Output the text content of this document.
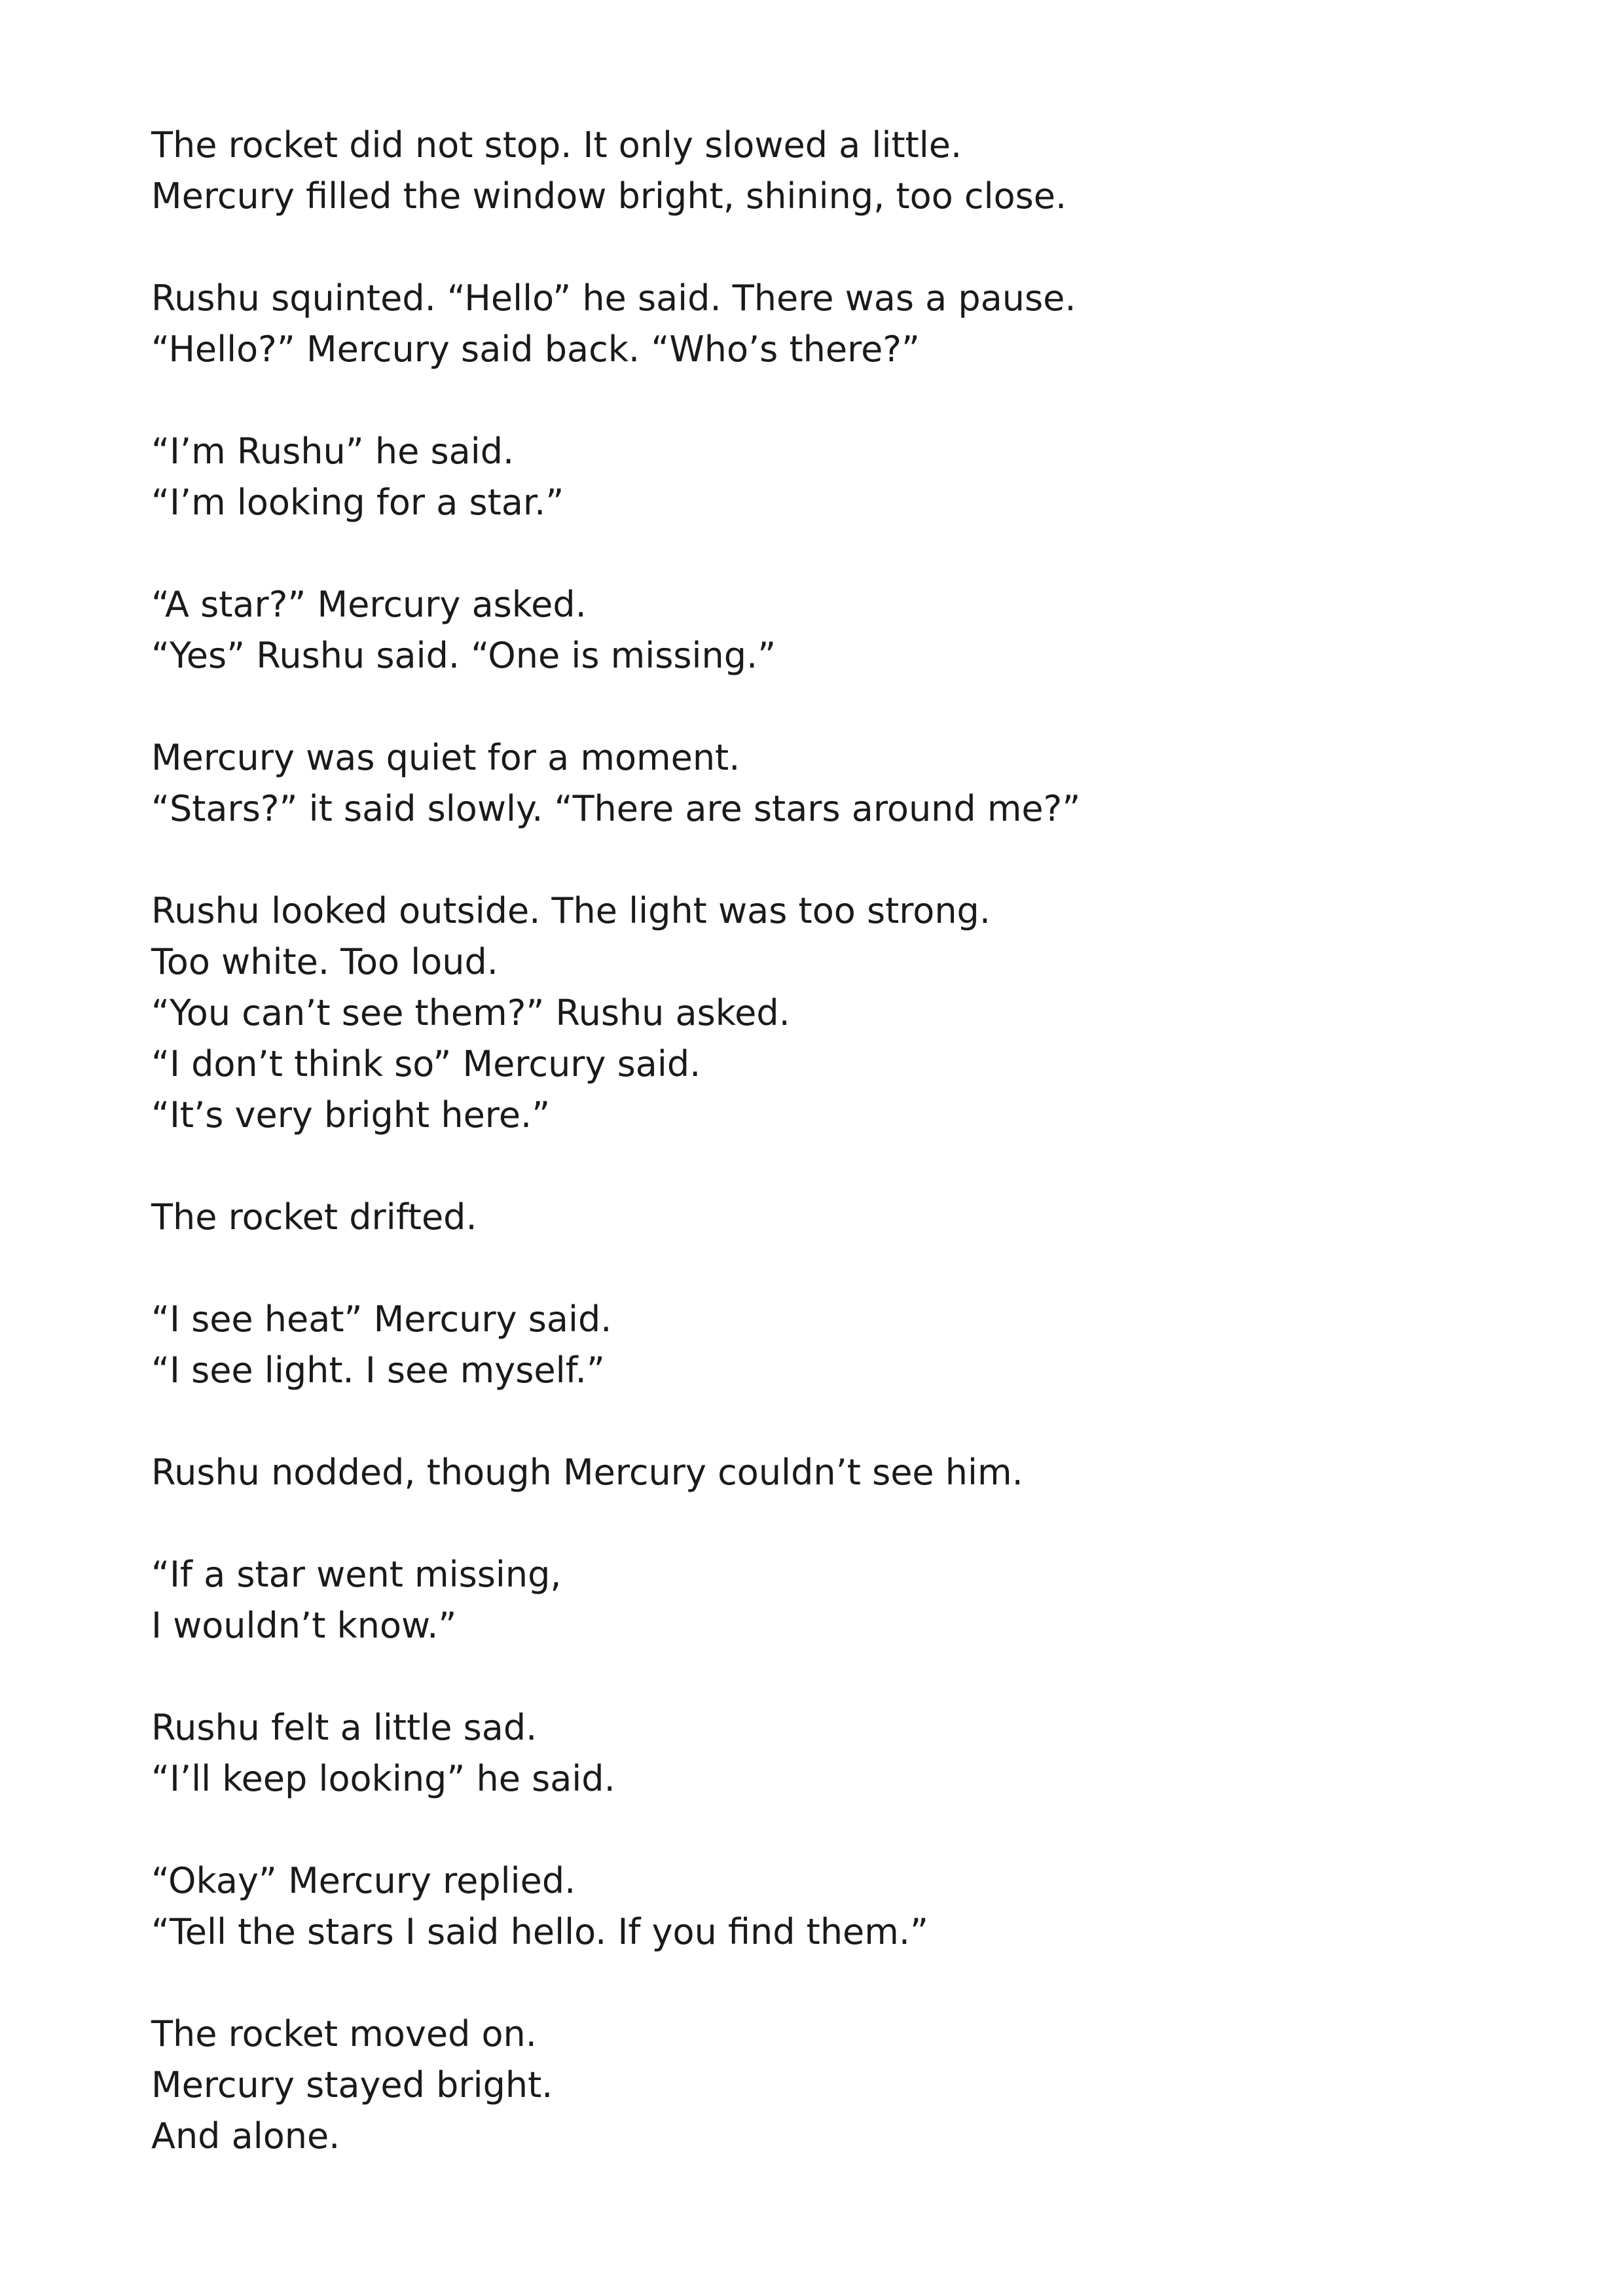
The rocket did not stop. It only slowed a little.
Mercury filled the window bright, shining, too close.
Rushu squinted. “Hello” he said. There was a pause.
“Hello?” Mercury said back. “Who’s there?”
“I’m Rushu” he said.
“I’m looking for a star.”
“A star?” Mercury asked.
“Yes” Rushu said. “One is missing.”
Mercury was quiet for a moment.
“Stars?” it said slowly. “There are stars around me?”
Rushu looked outside. The light was too strong.
Too white. Too loud.
“You can’t see them?” Rushu asked.
“I don’t think so” Mercury said.
“It’s very bright here.”
The rocket drifted.
“I see heat” Mercury said.
“I see light. I see myself.”
Rushu nodded, though Mercury couldn’t see him.
“If a star went missing,
I wouldn’t know.”
Rushu felt a little sad.
“I’ll keep looking” he said.
“Okay” Mercury replied.
“Tell the stars I said hello. If you find them.”
The rocket moved on.
Mercury stayed bright.
And alone.
